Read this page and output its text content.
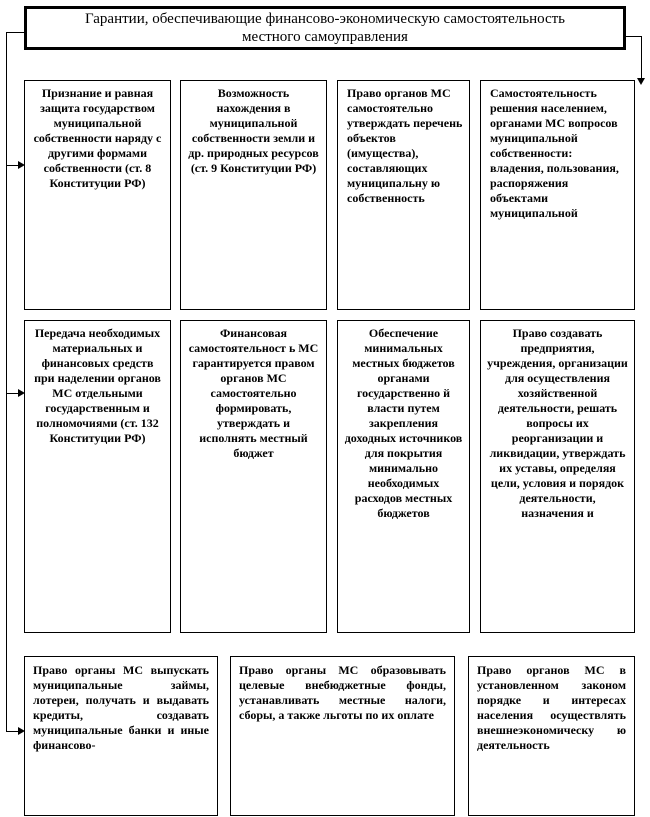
Гарантии, обеспечивающие финансово-экономическую самостоятельность местного самоуправления
Признание и равная защита государством муниципальной собственности наряду с другими формами собственности (ст. 8 Конституции РФ)
Возможность нахождения в муниципальной собственности земли и др. природных ресурсов (ст. 9 Конституции РФ)
Право органов МС самостоятельно утверждать перечень объектов (имущества), составляющих муниципальну ю собственность
Самостоятельность решения населением, органами МС вопросов муниципальной собственности: владения, пользования, распоряжения объектами муниципальной
Передача необходимых материальных и финансовых средств при наделении органов МС отдельными государственным и полномочиями (ст. 132 Конституции РФ)
Финансовая самостоятельност ь МС гарантируется правом органов МС самостоятельно формировать, утверждать и исполнять местный бюджет
Обеспечение минимальных местных бюджетов органами государственно й власти путем закрепления доходных источников для покрытия минимально необходимых расходов местных бюджетов
Право создавать предприятия, учреждения, организации для осуществления хозяйственной деятельности, решать вопросы их реорганизации и ликвидации, утверждать их уставы, определяя цели, условия и порядок деятельности, назначения и
Право органы МС выпускать муниципальные займы, лотереи, получать и выдавать кредиты, создавать муниципальные банки и иные финансово-
Право органы МС образовывать целевые внебюджетные фонды, устанавливать местные налоги, сборы, а также льготы по их оплате
Право органов МС в установленном законом порядке и интересах населения осуществлять внешнеэкономическу ю деятельность
